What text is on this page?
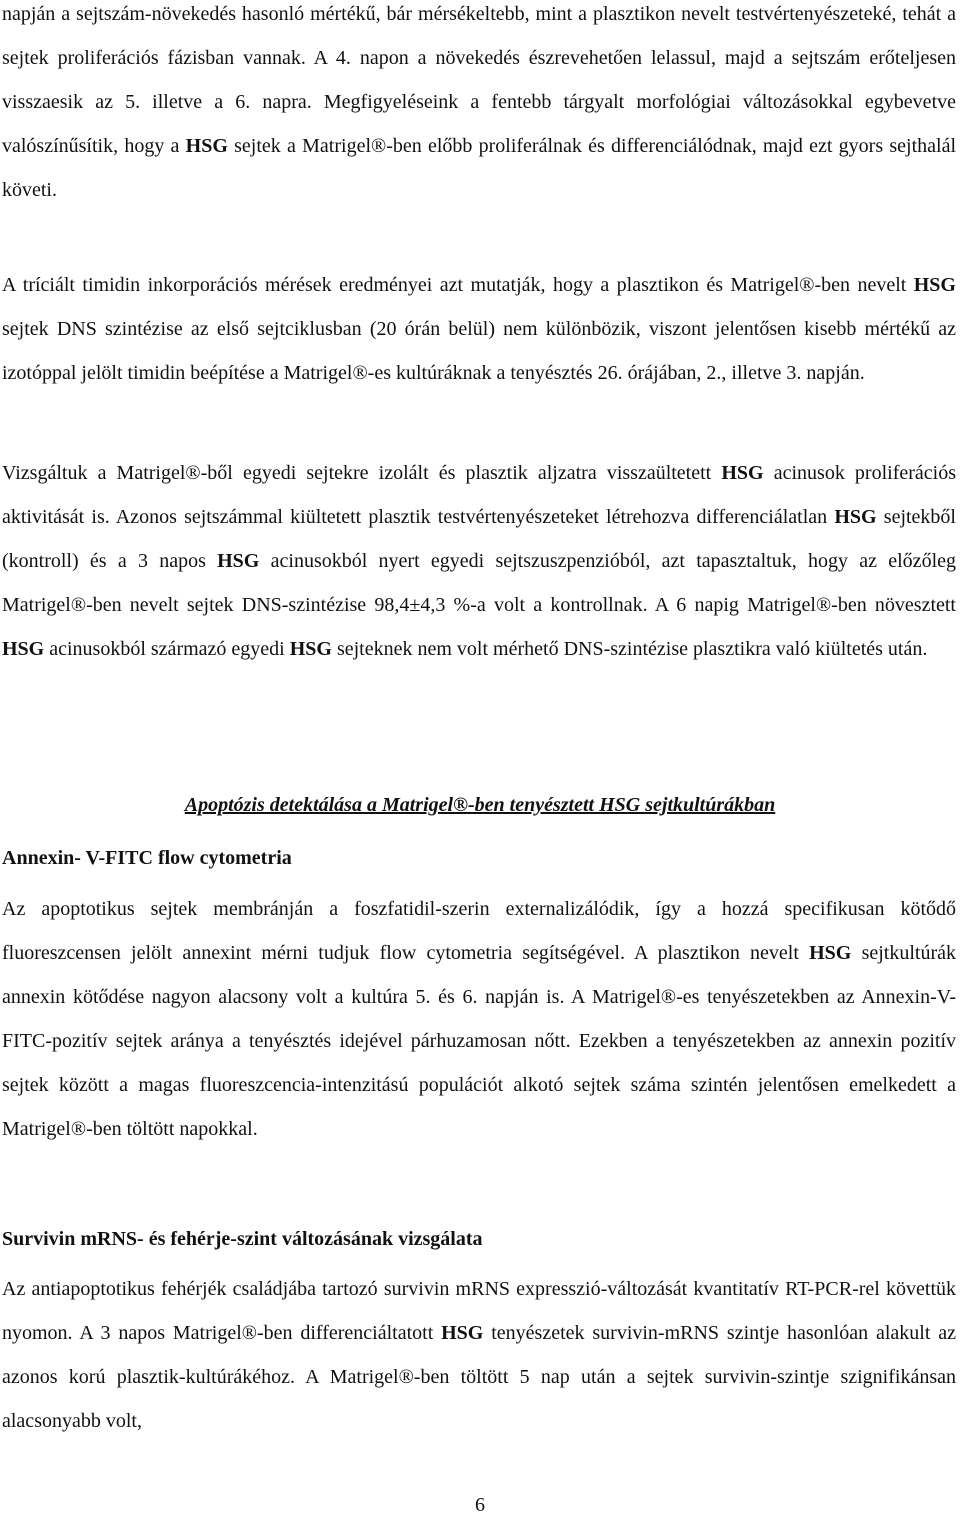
napján a sejtszám-növekedés hasonló mértékű, bár mérsékeltebb, mint a plasztikon nevelt testvértenyészeteké, tehát a sejtek proliferációs fázisban vannak. A 4. napon a növekedés észrevehetően lelassul, majd a sejtszám erőteljesen visszaesik az 5. illetve a 6. napra. Megfigyeléseink a fentebb tárgyalt morfológiai változásokkal egybevetve valószínűsítik, hogy a HSG sejtek a Matrigel®-ben előbb proliferálnak és differenciálódnak, majd ezt gyors sejthalál követi.

A tríciált timidin inkorporációs mérések eredményei azt mutatják, hogy a plasztikon és Matrigel®-ben nevelt HSG sejtek DNS szintézise az első sejtciklusban (20 órán belül) nem különbözik, viszont jelentősen kisebb mértékű az izotóppal jelölt timidin beépítése a Matrigel®-es kultúráknak a tenyésztés 26. órájában, 2., illetve 3. napján.

Vizsgáltuk a Matrigel®-ből egyedi sejtekre izolált és plasztik aljzatra visszaültetett HSG acinusok proliferációs aktivitását is. Azonos sejtszámmal kiültetett plasztik testvértenyészeteket létrehozva differenciálatlan HSG sejtekből (kontroll) és a 3 napos HSG acinusokból nyert egyedi sejtszuszpenzióból, azt tapasztaltuk, hogy az előzőleg Matrigel®-ben nevelt sejtek DNS-szintézise 98,4±4,3 %-a volt a kontrollnak. A 6 napig Matrigel®-ben növesztett HSG acinusokból származó egyedi HSG sejteknek nem volt mérhető DNS-szintézise plasztikra való kiültetés után.

Apoptózis detektálása a Matrigel®-ben tenyésztett HSG sejtkultúrákban
Annexin- V-FITC flow cytometria

Az apoptotikus sejtek membránján a foszfatidil-szerin externalizálódik, így a hozzá specifikusan kötődő fluoreszcensen jelölt annexint mérni tudjuk flow cytometria segítségével. A plasztikon nevelt HSG sejtkultúrák annexin kötődése nagyon alacsony volt a kultúra 5. és 6. napján is. A Matrigel®-es tenyészetekben az Annexin-V-FITC-pozitív sejtek aránya a tenyésztés idejével párhuzamosan nőtt. Ezekben a tenyészetekben az annexin pozitív sejtek között a magas fluoreszcencia-intenzitású populációt alkotó sejtek száma szintén jelentősen emelkedett a Matrigel®-ben töltött napokkal.

Survivin mRNS- és fehérje-szint változásának vizsgálata

Az antiapoptotikus fehérjék családjába tartozó survivin mRNS expresszió-változását kvantitatív RT-PCR-rel követtük nyomon. A 3 napos Matrigel®-ben differenciáltatott HSG tenyészetek survivin-mRNS szintje hasonlóan alakult az azonos korú plasztik-kultúrákéhoz. A Matrigel®-ben töltött 5 nap után a sejtek survivin-szintje szignifikánsan alacsonyabb volt,

6
